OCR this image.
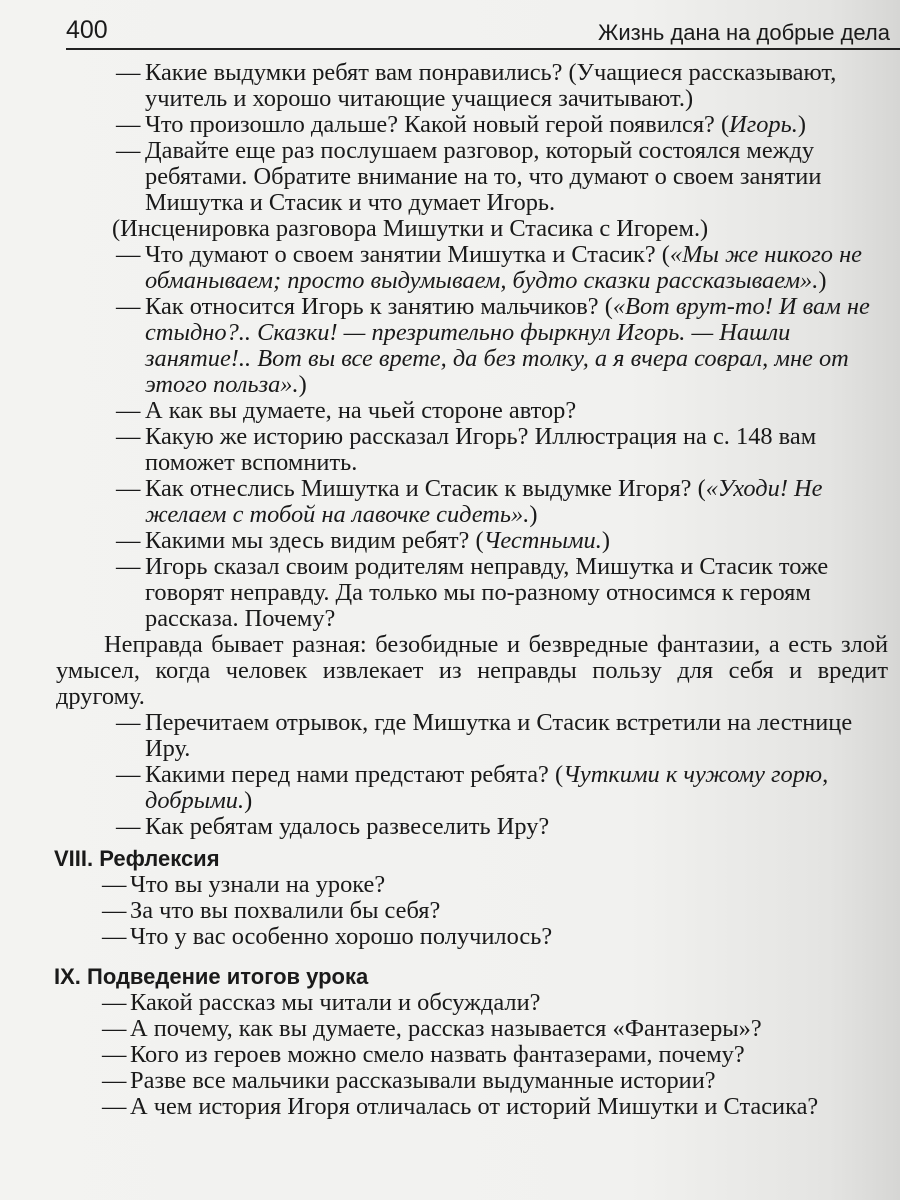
400	Жизнь дана на добрые дела
— Какие выдумки ребят вам понравились? (Учащиеся рассказывают, учитель и хорошо читающие учащиеся зачитывают.)
— Что произошло дальше? Какой новый герой появился? (Игорь.)
— Давайте еще раз послушаем разговор, который состоялся между ребятами. Обратите внимание на то, что думают о своем занятии Мишутка и Стасик и что думает Игорь.
(Инсценировка разговора Мишутки и Стасика с Игорем.)
— Что думают о своем занятии Мишутка и Стасик? («Мы же никого не обманываем; просто выдумываем, будто сказки рассказываем».)
— Как относится Игорь к занятию мальчиков? («Вот врут-то! И вам не стыдно?.. Сказки! — презрительно фыркнул Игорь. — Нашли занятие!.. Вот вы все врете, да без толку, а я вчера соврал, мне от этого польза».)
— А как вы думаете, на чьей стороне автор?
— Какую же историю рассказал Игорь? Иллюстрация на с. 148 вам поможет вспомнить.
— Как отнеслись Мишутка и Стасик к выдумке Игоря? («Уходи! Не желаем с тобой на лавочке сидеть».)
— Какими мы здесь видим ребят? (Честными.)
— Игорь сказал своим родителям неправду, Мишутка и Стасик тоже говорят неправду. Да только мы по-разному относимся к героям рассказа. Почему?
Неправда бывает разная: безобидные и безвредные фантазии, а есть злой умысел, когда человек извлекает из неправды пользу для себя и вредит другому.
— Перечитаем отрывок, где Мишутка и Стасик встретили на лестнице Иру.
— Какими перед нами предстают ребята? (Чуткими к чужому горю, добрыми.)
— Как ребятам удалось развеселить Иру?
VIII. Рефлексия
— Что вы узнали на уроке?
— За что вы похвалили бы себя?
— Что у вас особенно хорошо получилось?
IX. Подведение итогов урока
— Какой рассказ мы читали и обсуждали?
— А почему, как вы думаете, рассказ называется «Фантазеры»?
— Кого из героев можно смело назвать фантазерами, почему?
— Разве все мальчики рассказывали выдуманные истории?
— А чем история Игоря отличалась от историй Мишутки и Стасика?
